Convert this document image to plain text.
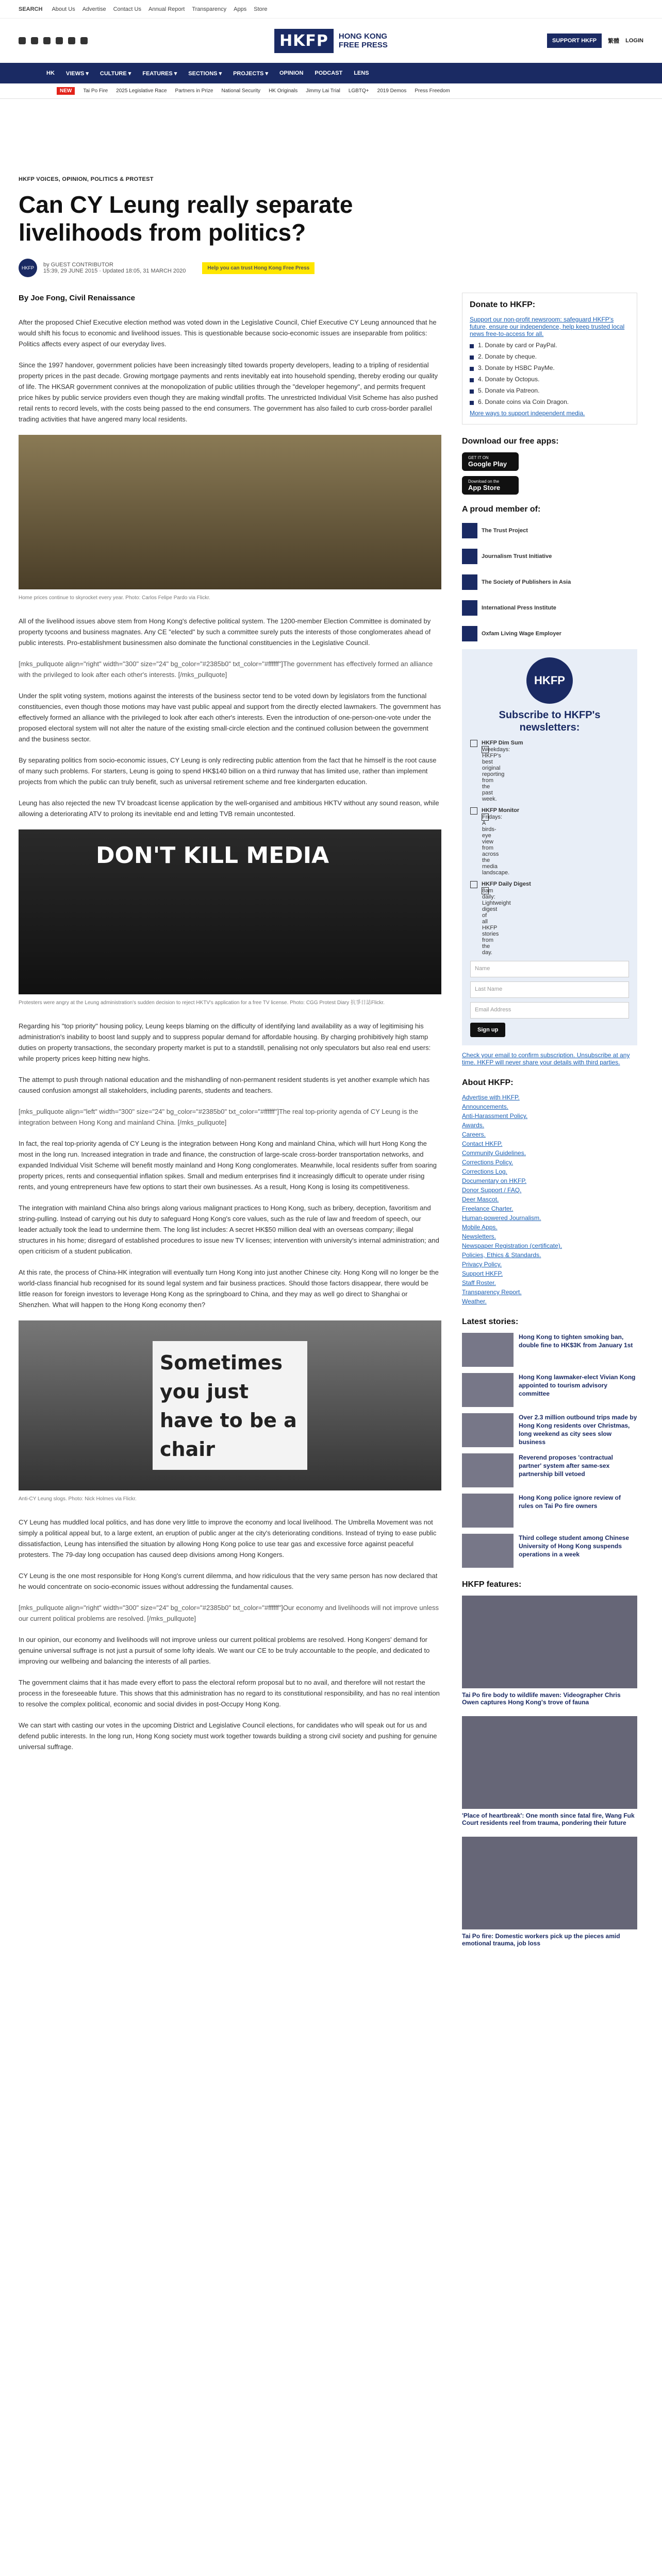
SEARCH About Us Advertise Contact Us Annual Report Transparency Apps Store
HKFP	HONG KONG
FREE PRESS	SUPPORT HKFP	繁體 LOGIN
HK VIEWS ▾ CULTURE ▾ FEATURES ▾ SECTIONS ▾ PROJECTS ▾ OPINION PODCAST LENS
NEW	Tai Po Fire 2025 Legislative Race Partners in Prize National Security HK Originals Jimmy Lai Trial LGBTQ+ 2019 Demos Press Freedom
HKFP VOICES, OPINION, POLITICS & PROTEST
Can CY Leung really separate livelihoods from politics?
HKFP	by GUEST CONTRIBUTOR
15:39, 29 JUNE 2015 · Updated 18:05, 31 MARCH 2020	Help you can trust Hong Kong Free Press

By Joe Fong, Civil Renaissance

After the proposed Chief Executive election method was voted down in the Legislative Council, Chief Executive CY Leung announced that he would shift his focus to economic and livelihood issues. This is questionable because socio-economic issues are inseparable from politics: Politics affects every aspect of our everyday lives.

Since the 1997 handover, government policies have been increasingly tilted towards property developers, leading to a tripling of residential property prices in the past decade. Growing mortgage payments and rents inevitably eat into household spending, thereby eroding our quality of life. The HKSAR government connives at the monopolization of public utilities through the "developer hegemony", and permits frequent price hikes by public service providers even though they are making windfall profits. The unrestricted Individual Visit Scheme has also pushed retail rents to record levels, with the costs being passed to the end consumers. The government has also failed to curb cross-border parallel trading activities that have angered many local residents.

Home prices continue to skyrocket every year. Photo: Carlos Felipe Pardo via Flickr.

All of the livelihood issues above stem from Hong Kong's defective political system. The 1200-member Election Committee is dominated by property tycoons and business magnates. Any CE "elected" by such a committee surely puts the interests of those conglomerates ahead of public interests. Pro-establishment businessmen also dominate the functional constituencies in the Legislative Council.

[mks_pullquote align="right" width="300" size="24" bg_color="#2385b0" txt_color="#ffffff"]The government has effectively formed an alliance with the privileged to look after each other's interests. [/mks_pullquote]

Under the split voting system, motions against the interests of the business sector tend to be voted down by legislators from the functional constituencies, even though those motions may have vast public appeal and support from the directly elected lawmakers. The government has effectively formed an alliance with the privileged to look after each other's interests. Even the introduction of one-person-one-vote under the proposed electoral system will not alter the nature of the existing small-circle election and the continued collusion between the government and the business sector.

By separating politics from socio-economic issues, CY Leung is only redirecting public attention from the fact that he himself is the root cause of many such problems. For starters, Leung is going to spend HK$140 billion on a third runway that has limited use, rather than implement projects from which the public can truly benefit, such as universal retirement scheme and free kindergarten education.

Leung has also rejected the new TV broadcast license application by the well-organised and ambitious HKTV without any sound reason, while allowing a deteriorating ATV to prolong its inevitable end and letting TVB remain uncontested.

DON'T KILL MEDIA
Protesters were angry at the Leung administration's sudden decision to reject HKTV's application for a free TV license. Photo: CGG Protest Diary 抗爭日誌Flickr.

Regarding his "top priority" housing policy, Leung keeps blaming on the difficulty of identifying land availability as a way of legitimising his administration's inability to boost land supply and to suppress popular demand for affordable housing. By charging prohibitively high stamp duties on property transactions, the secondary property market is put to a standstill, penalising not only speculators but also real end users: while property prices keep hitting new highs.

The attempt to push through national education and the mishandling of non-permanent resident students is yet another example which has caused confusion amongst all stakeholders, including parents, students and teachers.

[mks_pullquote align="left" width="300" size="24" bg_color="#2385b0" txt_color="#ffffff"]The real top-priority agenda of CY Leung is the integration between Hong Kong and mainland China. [/mks_pullquote]

In fact, the real top-priority agenda of CY Leung is the integration between Hong Kong and mainland China, which will hurt Hong Kong the most in the long run. Increased integration in trade and finance, the construction of large-scale cross-border transportation networks, and expanded Individual Visit Scheme will benefit mostly mainland and Hong Kong conglomerates. Meanwhile, local residents suffer from soaring property prices, rents and consequential inflation spikes. Small and medium enterprises find it increasingly difficult to operate under rising rents, and young entrepreneurs have few options to start their own businesses. As a result, Hong Kong is losing its competitiveness.

The integration with mainland China also brings along various malignant practices to Hong Kong, such as bribery, deception, favoritism and string-pulling. Instead of carrying out his duty to safeguard Hong Kong's core values, such as the rule of law and freedom of speech, our leader actually took the lead to undermine them. The long list includes: A secret HK$50 million deal with an overseas company; illegal structures in his home; disregard of established procedures to issue new TV licenses; intervention with university's internal administration; and open criticism of a student publication.

At this rate, the process of China-HK integration will eventually turn Hong Kong into just another Chinese city. Hong Kong will no longer be the world-class financial hub recognised for its sound legal system and fair business practices. Should those factors disappear, there would be little reason for foreign investors to leverage Hong Kong as the springboard to China, and they may as well go direct to Shanghai or Shenzhen. What will happen to the Hong Kong economy then?

Sometimes you just have to be a chair
Anti-CY Leung slogs. Photo: Nick Holmes via Flickr.

CY Leung has muddled local politics, and has done very little to improve the economy and local livelihood. The Umbrella Movement was not simply a political appeal but, to a large extent, an eruption of public anger at the city's deteriorating conditions. Instead of trying to ease public dissatisfaction, Leung has intensified the situation by allowing Hong Kong police to use tear gas and excessive force against peaceful protesters. The 79-day long occupation has caused deep divisions among Hong Kongers.

CY Leung is the one most responsible for Hong Kong's current dilemma, and how ridiculous that the very same person has now declared that he would concentrate on socio-economic issues without addressing the fundamental causes.

[mks_pullquote align="right" width="300" size="24" bg_color="#2385b0" txt_color="#ffffff"]Our economy and livelihoods will not improve unless our current political problems are resolved. [/mks_pullquote]

In our opinion, our economy and livelihoods will not improve unless our current political problems are resolved. Hong Kongers' demand for genuine universal suffrage is not just a pursuit of some lofty ideals. We want our CE to be truly accountable to the people, and dedicated to improving our wellbeing and balancing the interests of all parties.

The government claims that it has made every effort to pass the electoral reform proposal but to no avail, and therefore will not restart the process in the foreseeable future. This shows that this administration has no regard to its constitutional responsibility, and has no real intention to resolve the complex political, economic and social divides in post-Occupy Hong Kong.

We can start with casting our votes in the upcoming District and Legislative Council elections, for candidates who will speak out for us and defend public interests. In the long run, Hong Kong society must work together towards building a strong civil society and pushing for genuine universal suffrage.

Donate to HKFP:

Support our non-profit newsroom: safeguard HKFP's future, ensure our independence, help keep trusted local news free-to-access for all.

1. Donate by card or PayPal.
2. Donate by cheque.
3. Donate by HSBC PayMe.
4. Donate by Octopus.
5. Donate via Patreon.
6. Donate coins via Coin Dragon.

More ways to support independent media.

Download our free apps:
GET IT ON
Google Play
Download on the
App Store
A proud member of:
The Trust Project
Journalism Trust Initiative
The Society of Publishers in Asia
International Press Institute
Oxfam Living Wage Employer
HKFP
Subscribe to HKFP's newsletters:
HKFP Dim Sum
Weekdays: HKFP's best original reporting from the past week.
HKFP Monitor
Fridays: A birds-eye view from across the media landscape.
HKFP Daily Digest
8am daily: Lightweight digest of all HKFP stories from the day.
Name
Last Name
Email Address
Sign up

Check your email to confirm subscription. Unsubscribe at any time. HKFP will never share your details with third parties.

About HKFP:
Advertise with HKFP.
Announcements.
Anti-Harassment Policy.
Awards.
Careers.
Contact HKFP.
Community Guidelines.
Corrections Policy.
Corrections Log.
Documentary on HKFP.
Donor Support / FAQ.
Deer Mascot.
Freelance Charter.
Human-powered Journalism.
Mobile Apps.
Newsletters.
Newspaper Registration (certificate).
Policies, Ethics & Standards.
Privacy Policy.
Support HKFP.
Staff Roster.
Transparency Report.
Weather.
Latest stories:
Hong Kong to tighten smoking ban, double fine to HK$3K from January 1st
Hong Kong lawmaker-elect Vivian Kong appointed to tourism advisory committee
Over 2.3 million outbound trips made by Hong Kong residents over Christmas, long weekend as city sees slow business
Reverend proposes 'contractual partner' system after same-sex partnership bill vetoed
Hong Kong police ignore review of rules on Tai Po fire owners
Third college student among Chinese University of Hong Kong suspends operations in a week
HKFP features:

Tai Po fire body to wildlife maven: Videographer Chris Owen captures Hong Kong's trove of fauna

'Place of heartbreak': One month since fatal fire, Wang Fuk Court residents reel from trauma, pondering their future

Tai Po fire: Domestic workers pick up the pieces amid emotional trauma, job loss
